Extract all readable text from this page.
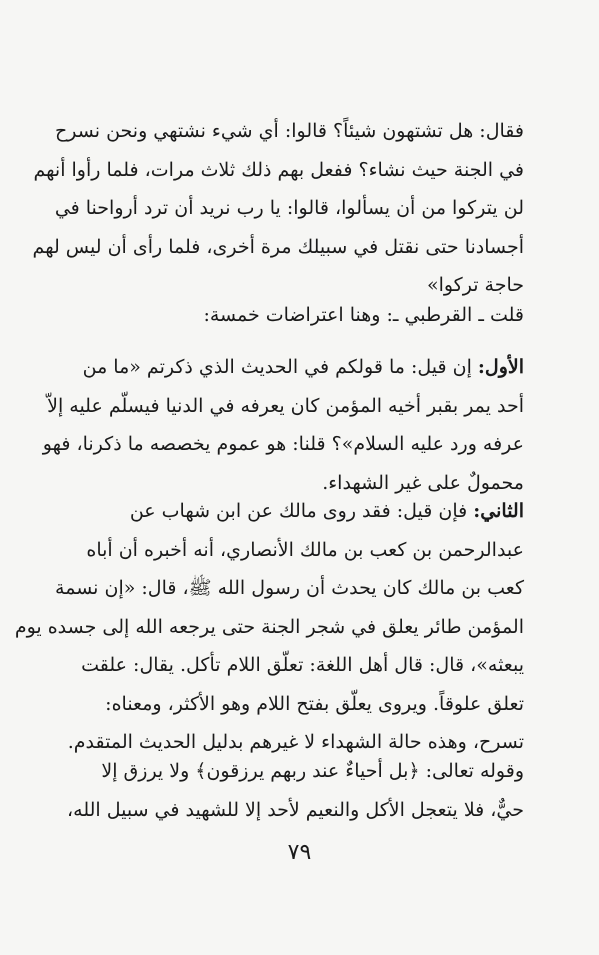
فقال: هل تشتهون شيئاً؟ قالوا: أي شيء نشتهي ونحن نسرح
في الجنة حيث نشاء؟ ففعل بهم ذلك ثلاث مرات، فلما رأوا أنهم
لن يتركوا من أن يسألوا، قالوا: يا رب نريد أن ترد أرواحنا في
أجسادنا حتى نقتل في سبيلك مرة أخرى، فلما رأى أن ليس لهم
حاجة تركوا»
قلت ـ القرطبي ـ: وهنا اعتراضات خمسة:
الأول: إن قيل: ما قولكم في الحديث الذي ذكرتم «ما من
أحد يمر بقبر أخيه المؤمن كان يعرفه في الدنيا فيسلّم عليه إلاّ
عرفه ورد عليه السلام»؟ قلنا: هو عموم يخصصه ما ذكرنا، فهو
محمولٌ على غير الشهداء.
الثاني: فإن قيل: فقد روى مالك عن ابن شهاب عن
عبدالرحمن بن كعب بن مالك الأنصاري، أنه أخبره أن أباه
كعب بن مالك كان يحدث أن رسول الله ﷺ، قال: «إن نسمة
المؤمن طائر يعلق في شجر الجنة حتى يرجعه الله إلى جسده يوم
يبعثه»، قال: قال أهل اللغة: تعلّق اللام تأكل. يقال: علقت
تعلق علوقاً. ويروى يعلّق بفتح اللام وهو الأكثر، ومعناه:
تسرح، وهذه حالة الشهداء لا غيرهم بدليل الحديث المتقدم.
وقوله تعالى: ﴿بل أحياءٌ عند ربهم يرزقون﴾ ولا يرزق إلا
حيٌّ، فلا يتعجل الأكل والنعيم لأحد إلا للشهيد في سبيل الله،
٧٩
